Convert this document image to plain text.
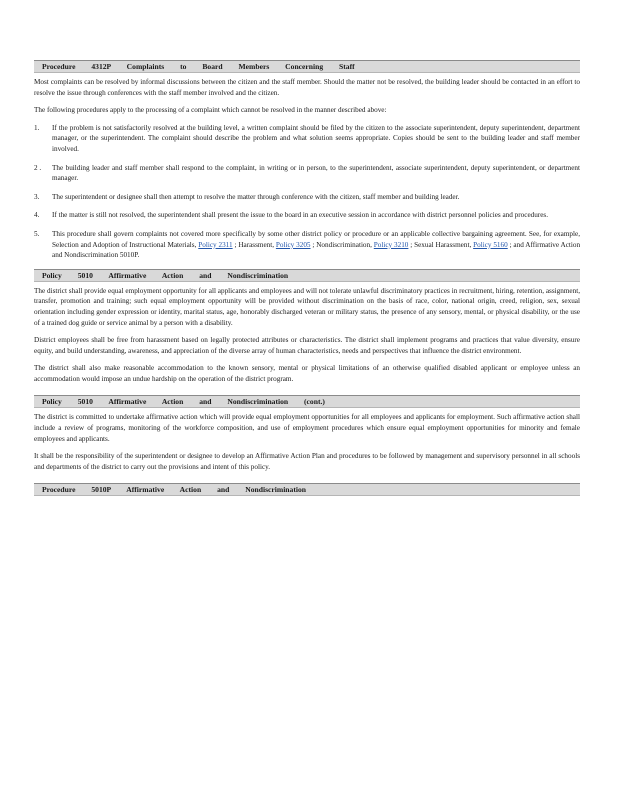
Procedure 4312P Complaints to Board Members Concerning Staff

Most complaints can be resolved by informal discussions between the citizen and the staff member. Should the matter not be resolved, the building leader should be contacted in an effort to resolve the issue through conferences with the staff member involved and the citizen.

The following procedures apply to the processing of a complaint which cannot be resolved in the manner described above:

1. If the problem is not satisfactorily resolved at the building level, a written complaint should be filed by the citizen to the associate superintendent, deputy superintendent, department manager, or the superintendent. The complaint should describe the problem and what solution seems appropriate. Copies should be sent to the building leader and staff member involved.
2 . The building leader and staff member shall respond to the complaint, in writing or in person, to the superintendent, associate superintendent, deputy superintendent, or department manager.
3. The superintendent or designee shall then attempt to resolve the matter through conference with the citizen, staff member and building leader.
4. If the matter is still not resolved, the superintendent shall present the issue to the board in an executive session in accordance with district personnel policies and procedures.
5. This procedure shall govern complaints not covered more specifically by some other district policy or procedure or an applicable collective bargaining agreement. See, for example, Selection and Adoption of Instructional Materials, Policy 2311 ; Harassment, Policy 3205 ; Nondiscrimination, Policy 3210 ; Sexual Harassment, Policy 5160 ; and Affirmative Action and Nondiscrimination 5010P.
Policy 5010 Affirmative Action and Nondiscrimination

The district shall provide equal employment opportunity for all applicants and employees and will not tolerate unlawful discriminatory practices in recruitment, hiring, retention, assignment, transfer, promotion and training; such equal employment opportunity will be provided without discrimination on the basis of race, color, national origin, creed, religion, sex, sexual orientation including gender expression or identity, marital status, age, honorably discharged veteran or military status, the presence of any sensory, mental, or physical disability, or the use of a trained dog guide or service animal by a person with a disability.

District employees shall be free from harassment based on legally protected attributes or characteristics. The district shall implement programs and practices that value diversity, ensure equity, and build understanding, awareness, and appreciation of the diverse array of human characteristics, needs and perspectives that influence the district environment.

The district shall also make reasonable accommodation to the known sensory, mental or physical limitations of an otherwise qualified disabled applicant or employee unless an accommodation would impose an undue hardship on the operation of the district program.

Policy 5010 Affirmative Action and Nondiscrimination (cont.)

The district is committed to undertake affirmative action which will provide equal employment opportunities for all employees and applicants for employment. Such affirmative action shall include a review of programs, monitoring of the workforce composition, and use of employment procedures which ensure equal employment opportunities for minority and female employees and applicants.

It shall be the responsibility of the superintendent or designee to develop an Affirmative Action Plan and procedures to be followed by management and supervisory personnel in all schools and departments of the district to carry out the provisions and intent of this policy.

Procedure 5010P Affirmative Action and Nondiscrimination
